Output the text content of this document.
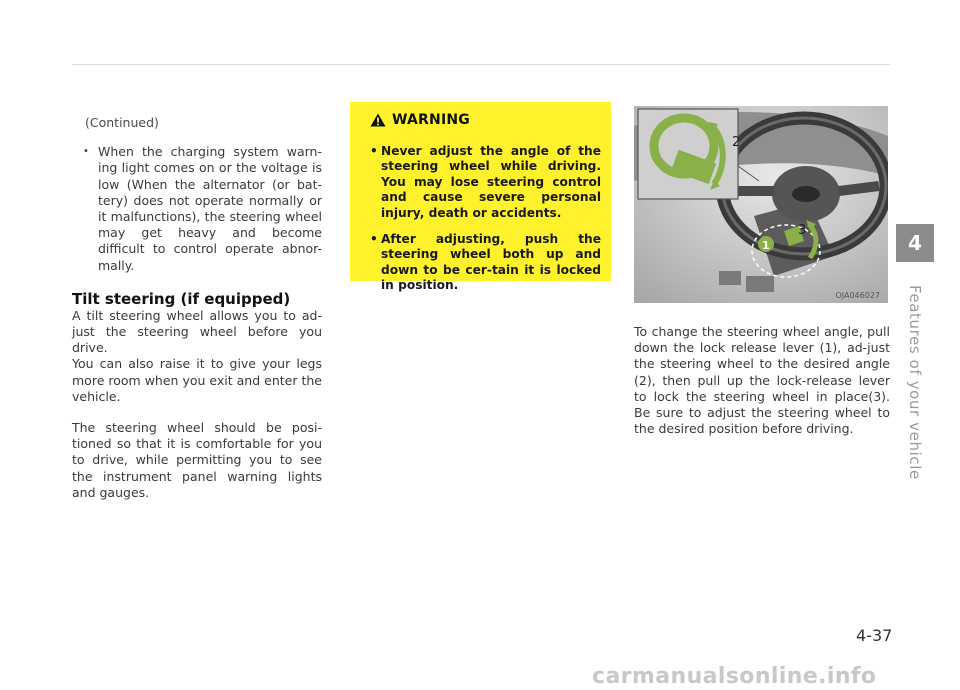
(Continued)
• When the charging system warn-ing light comes on or the voltage is low (When the alternator (or bat-tery) does not operate normally or it malfunctions), the steering wheel may get heavy and become difficult to control operate abnor-mally.
Tilt steering (if equipped)

A tilt steering wheel allows you to ad-just the steering wheel before you drive.

You can also raise it to give your legs more room when you exit and enter the vehicle.

The steering wheel should be posi-tioned so that it is comfortable for you to drive, while permitting you to see the instrument panel warning lights and gauges.

WARNING
• Never adjust the angle of the steering wheel while driving. You may lose steering control and cause severe personal injury, death or accidents.
• After adjusting, push the steering wheel both up and down to be cer-tain it is locked in position.
2
3
1
OJA046027
To change the steering wheel angle, pull down the lock release lever (1), ad-just the steering wheel to the desired angle (2), then pull up the lock-release lever to lock the steering wheel in place(3). Be sure to adjust the steering wheel to the desired position before driving.
4
Features of your vehicle
4-37
carmanualsonline.info
